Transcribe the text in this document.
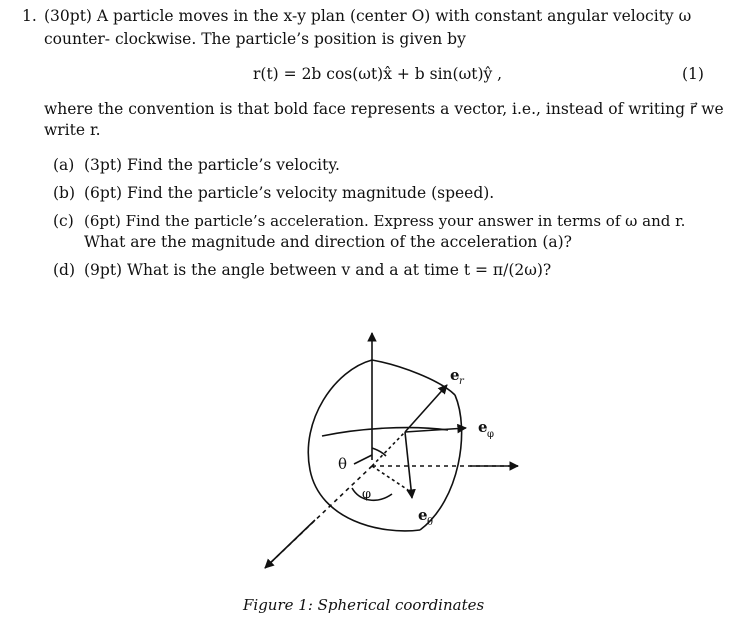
1. (30pt) A particle moves in the x-y plan (center O) with constant angular velocity ω
counter- clockwise. The particle’s position is given by
r(t) = 2b cos(ωt)x̂ + b sin(ωt)ŷ ,	(1)
where the convention is that bold face represents a vector, i.e., instead of writing r⃗ we
write r.
(a) (3pt) Find the particle’s velocity.
(b) (6pt) Find the particle’s velocity magnitude (speed).
(c) (6pt) Find the particle’s acceleration. Express your answer in terms of ω and r.
What are the magnitude and direction of the acceleration (a)?
(d) (9pt) What is the angle between v and a at time t = π/(2ω)?
e r
e φ
e θ
θ
φ
Figure 1: Spherical coordinates
